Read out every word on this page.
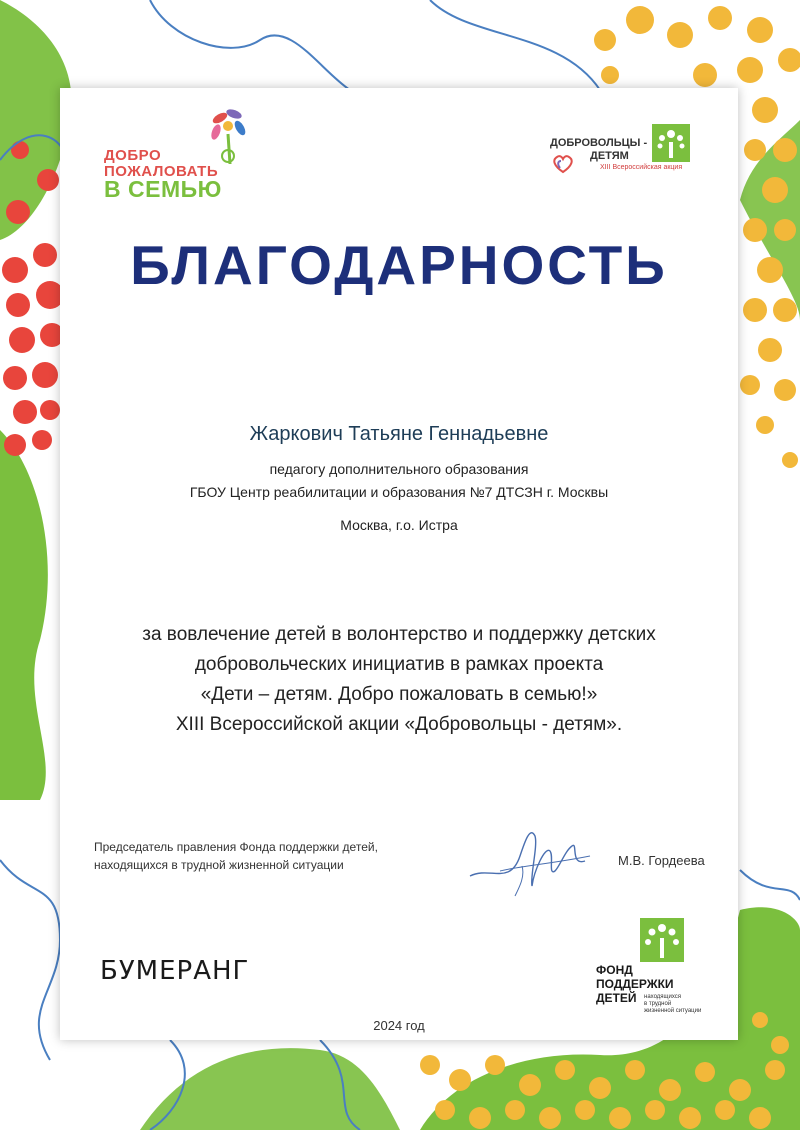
ДОБРО
ПОЖАЛОВАТЬ
В СЕМЬЮ
ДОБРОВОЛЬЦЫ -
ДЕТЯМ
XIII Всероссийская акция
БЛАГОДАРНОСТЬ
Жаркович Татьяне Геннадьевне
педагогу дополнительного образования
ГБОУ Центр реабилитации и образования №7 ДТСЗН г. Москвы
Москва, г.о. Истра
за вовлечение детей в волонтерство и поддержку детских
добровольческих инициатив в рамках проекта
«Дети – детям. Добро пожаловать в семью!»
XIII Всероссийской акции «Добровольцы - детям».
Председатель правления Фонда поддержки детей,
находящихся в трудной жизненной ситуации	М.В. Гордеева
БУМЕРАНГ
2024 год
ФОНД
ПОДДЕРЖКИ
ДЕТЕЙ находящихся
в трудной
жизненной ситуации
